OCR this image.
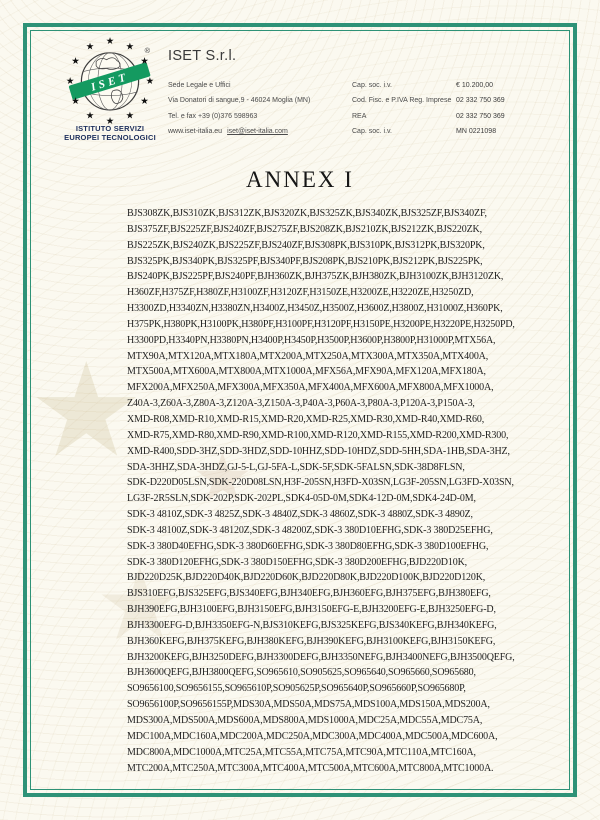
★ ★
★
ISET
®
★
★
★
★
★
★
★
★
★ ★ ★
★
ISTITUTO SERVIZI
EUROPEI TECNOLOGICI
ISET S.r.l.
Sede Legale e Uffici	Cap. soc. i.v.	€ 10.200,00
Via Donatori di sangue,9 - 46024 Moglia (MN)	Cod. Fisc. e P.IVA Reg. Imprese 02 332 750 369
Tel. e fax +39 (0)376 598963	REA	02 332 750 369
www.iset-italia.eu iset@iset-italia.com	Cap. soc. i.v.	MN 0221098
ANNEX I
BJS308ZK,BJS310ZK,BJS312ZK,BJS320ZK,BJS325ZK,BJS340ZK,BJS325ZF,BJS340ZF,
BJS375ZF,BJS225ZF,BJS240ZF,BJS275ZF,BJS208ZK,BJS210ZK,BJS212ZK,BJS220ZK,
BJS225ZK,BJS240ZK,BJS225ZF,BJS240ZF,BJS308PK,BJS310PK,BJS312PK,BJS320PK,
BJS325PK,BJS340PK,BJS325PF,BJS340PF,BJS208PK,BJS210PK,BJS212PK,BJS225PK,
BJS240PK,BJS225PF,BJS240PF,BJH360ZK,BJH375ZK,BJH380ZK,BJH3100ZK,BJH3120ZK,
H360ZF,H375ZF,H380ZF,H3100ZF,H3120ZF,H3150ZE,H3200ZE,H3220ZE,H3250ZD,
H3300ZD,H3340ZN,H3380ZN,H3400Z,H3450Z,H3500Z,H3600Z,H3800Z,H31000Z,H360PK,
H375PK,H380PK,H3100PK,H380PF,H3100PF,H3120PF,H3150PE,H3200PE,H3220PE,H3250PD,
H3300PD,H3340PN,H3380PN,H3400P,H3450P,H3500P,H3600P,H3800P,H31000P,MTX56A,
MTX90A,MTX120A,MTX180A,MTX200A,MTX250A,MTX300A,MTX350A,MTX400A,
MTX500A,MTX600A,MTX800A,MTX1000A,MFX56A,MFX90A,MFX120A,MFX180A,
MFX200A,MFX250A,MFX300A,MFX350A,MFX400A,MFX600A,MFX800A,MFX1000A,
Z40A-3,Z60A-3,Z80A-3,Z120A-3,Z150A-3,P40A-3,P60A-3,P80A-3,P120A-3,P150A-3,
XMD-R08,XMD-R10,XMD-R15,XMD-R20,XMD-R25,XMD-R30,XMD-R40,XMD-R60,
XMD-R75,XMD-R80,XMD-R90,XMD-R100,XMD-R120,XMD-R155,XMD-R200,XMD-R300,
XMD-R400,SDD-3HZ,SDD-3HDZ,SDD-10HHZ,SDD-10HDZ,SDD-5HH,SDA-1HB,SDA-3HZ,
SDA-3HHZ,SDA-3HDZ,GJ-5-L,GJ-5FA-L,SDK-5F,SDK-5FALSN,SDK-38D8FLSN,
SDK-D220D05LSN,SDK-220D08LSN,H3F-205SN,H3FD-X03SN,LG3F-205SN,LG3FD-X03SN,
LG3F-2R5SLN,SDK-202P,SDK-202PL,SDK4-05D-0M,SDK4-12D-0M,SDK4-24D-0M,
SDK-3 4810Z,SDK-3 4825Z,SDK-3 4840Z,SDK-3 4860Z,SDK-3 4880Z,SDK-3 4890Z,
SDK-3 48100Z,SDK-3 48120Z,SDK-3 48200Z,SDK-3 380D10EFHG,SDK-3 380D25EFHG,
SDK-3 380D40EFHG,SDK-3 380D60EFHG,SDK-3 380D80EFHG,SDK-3 380D100EFHG,
SDK-3 380D120EFHG,SDK-3 380D150EFHG,SDK-3 380D200EFHG,BJD220D10K,
BJD220D25K,BJD220D40K,BJD220D60K,BJD220D80K,BJD220D100K,BJD220D120K,
BJS310EFG,BJS325EFG,BJS340EFG,BJH340EFG,BJH360EFG,BJH375EFG,BJH380EFG,
BJH390EFG,BJH3100EFG,BJH3150EFG,BJH3150EFG-E,BJH3200EFG-E,BJH3250EFG-D,
BJH3300EFG-D,BJH3350EFG-N,BJS310KEFG,BJS325KEFG,BJS340KEFG,BJH340KEFG,
BJH360KEFG,BJH375KEFG,BJH380KEFG,BJH390KEFG,BJH3100KEFG,BJH3150KEFG,
BJH3200KEFG,BJH3250DEFG,BJH3300DEFG,BJH3350NEFG,BJH3400NEFG,BJH3500QEFG,
BJH3600QEFG,BJH3800QEFG,SO965610,SO905625,SO965640,SO965660,SO965680,
SO9656100,SO9656155,SO965610P,SO905625P,SO965640P,SO965660P,SO965680P,
SO9656100P,SO9656155P,MDS30A,MDS50A,MDS75A,MDS100A,MDS150A,MDS200A,
MDS300A,MDS500A,MDS600A,MDS800A,MDS1000A,MDC25A,MDC55A,MDC75A,
MDC100A,MDC160A,MDC200A,MDC250A,MDC300A,MDC400A,MDC500A,MDC600A,
MDC800A,MDC1000A,MTC25A,MTC55A,MTC75A,MTC90A,MTC110A,MTC160A,
MTC200A,MTC250A,MTC300A,MTC400A,MTC500A,MTC600A,MTC800A,MTC1000A.
